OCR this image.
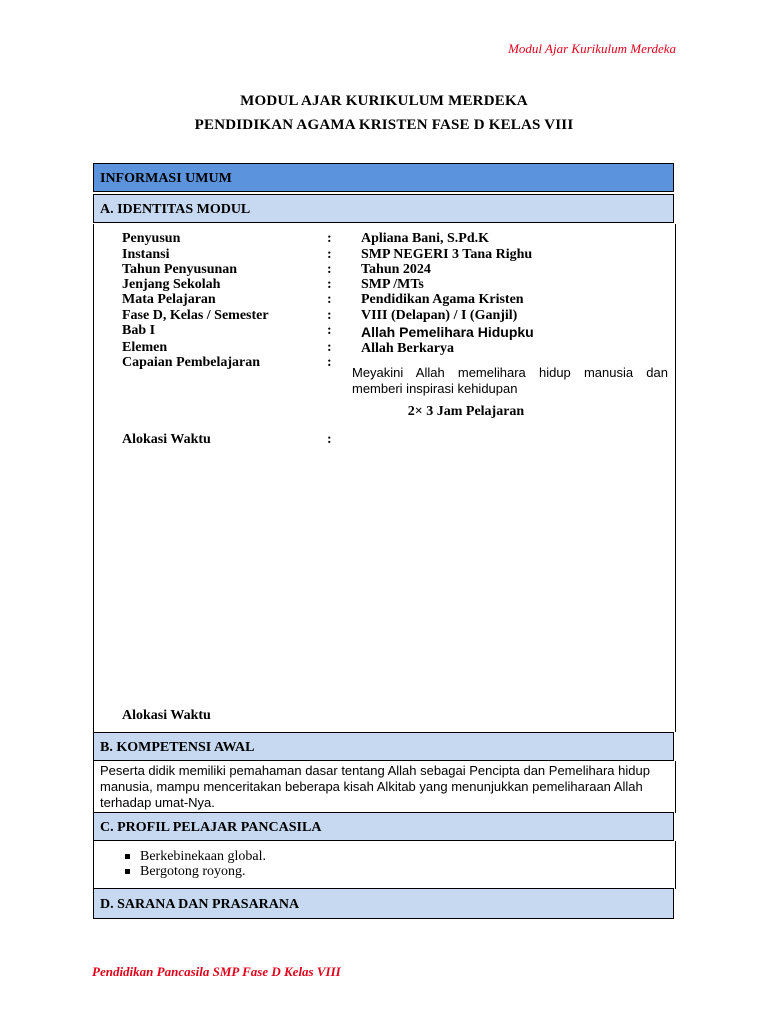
Modul Ajar Kurikulum Merdeka
MODUL AJAR KURIKULUM MERDEKA
PENDIDIKAN AGAMA KRISTEN FASE D KELAS VIII
INFORMASI UMUM
A. IDENTITAS MODUL
Penyusun	: Apliana Bani, S.Pd.K
Instansi	: SMP NEGERI 3 Tana Righu
Tahun Penyusunan	: Tahun 2024
Jenjang Sekolah	: SMP /MTs
Mata Pelajaran	: Pendidikan Agama Kristen
Fase D, Kelas / Semester	: VIII (Delapan) / I (Ganjil)
Bab I	: Allah Pemelihara Hidupku
Elemen	: Allah Berkarya
Capaian Pembelajaran	:
Meyakini Allah memelihara hidup manusia dan memberi inspirasi kehidupan
2× 3 Jam Pelajaran
Alokasi Waktu	:
Alokasi Waktu
B. KOMPETENSI AWAL
Peserta didik memiliki pemahaman dasar tentang Allah sebagai Pencipta dan Pemelihara hidup manusia, mampu menceritakan beberapa kisah Alkitab yang menunjukkan pemeliharaan Allah terhadap umat-Nya.
C. PROFIL PELAJAR PANCASILA
Berkebinekaan global.
Bergotong royong.
D. SARANA DAN PRASARANA
Pendidikan Pancasila SMP Fase D Kelas VIII
